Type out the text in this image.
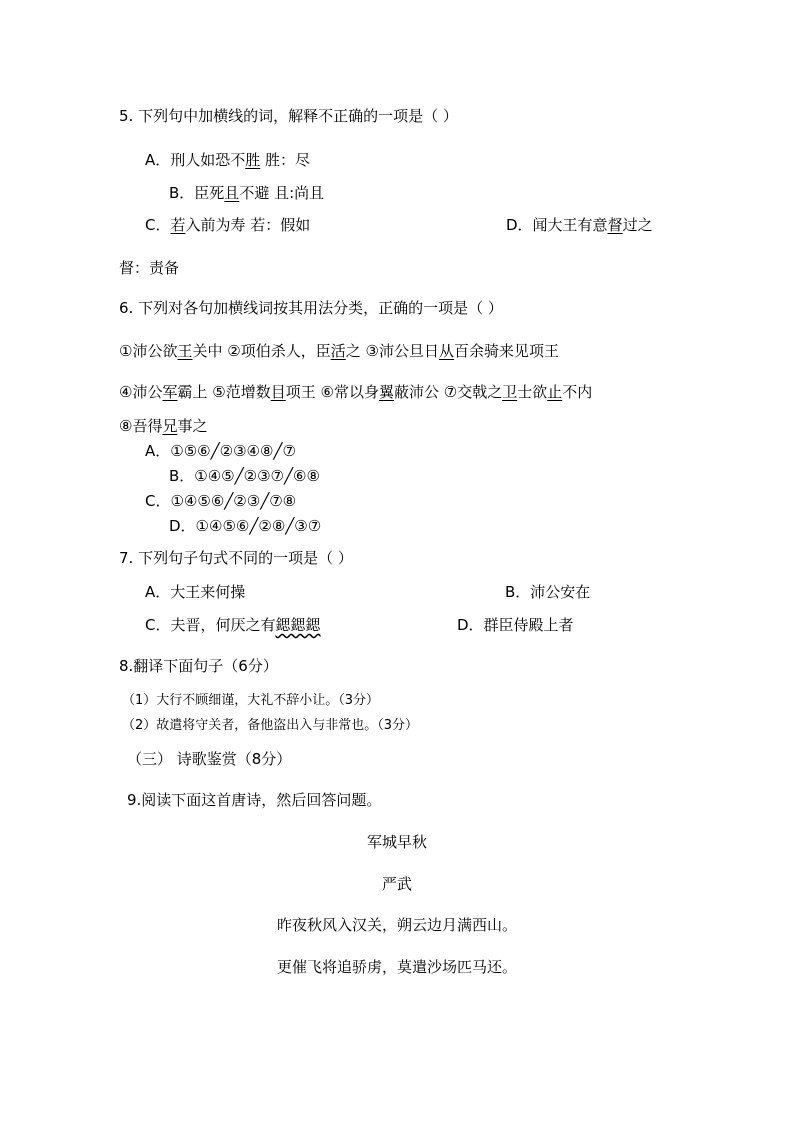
5. 下列句中加横线的词，解释不正确的一项是（ ）
A．刑人如恐不胜 胜：尽
B．臣死且不避 且:尚且
C．若入前为寿 若：假如	D．闻大王有意督过之
督：责备
6. 下列对各句加横线词按其用法分类，正确的一项是（ ）
①沛公欲王关中 ②项伯杀人，臣活之 ③沛公旦日从百余骑来见项王
④沛公军霸上 ⑤范增数目项王 ⑥常以身翼蔽沛公 ⑦交戟之卫士欲止不内
⑧吾得兄事之
A．①⑤⑥╱②③④⑧╱⑦
B．①④⑤╱②③⑦╱⑥⑧
C．①④⑤⑥╱②③╱⑦⑧
D．①④⑤⑥╱②⑧╱③⑦
7. 下列句子句式不同的一项是（ ）
A．大王来何操	B．沛公安在
C．夫晋，何厌之有鍶鍶鍶	D．群臣侍殿上者
8.翻译下面句子（6分）
（1）大行不顾细谨，大礼不辞小让。（3分）
（2）故遣将守关者，备他盗出入与非常也。（3分）
（三） 诗歌鉴赏（8分）
9.阅读下面这首唐诗，然后回答问题。
军城早秋
严武
昨夜秋风入汉关，朔云边月满西山。
更催飞将追骄虏，莫遣沙场匹马还。
